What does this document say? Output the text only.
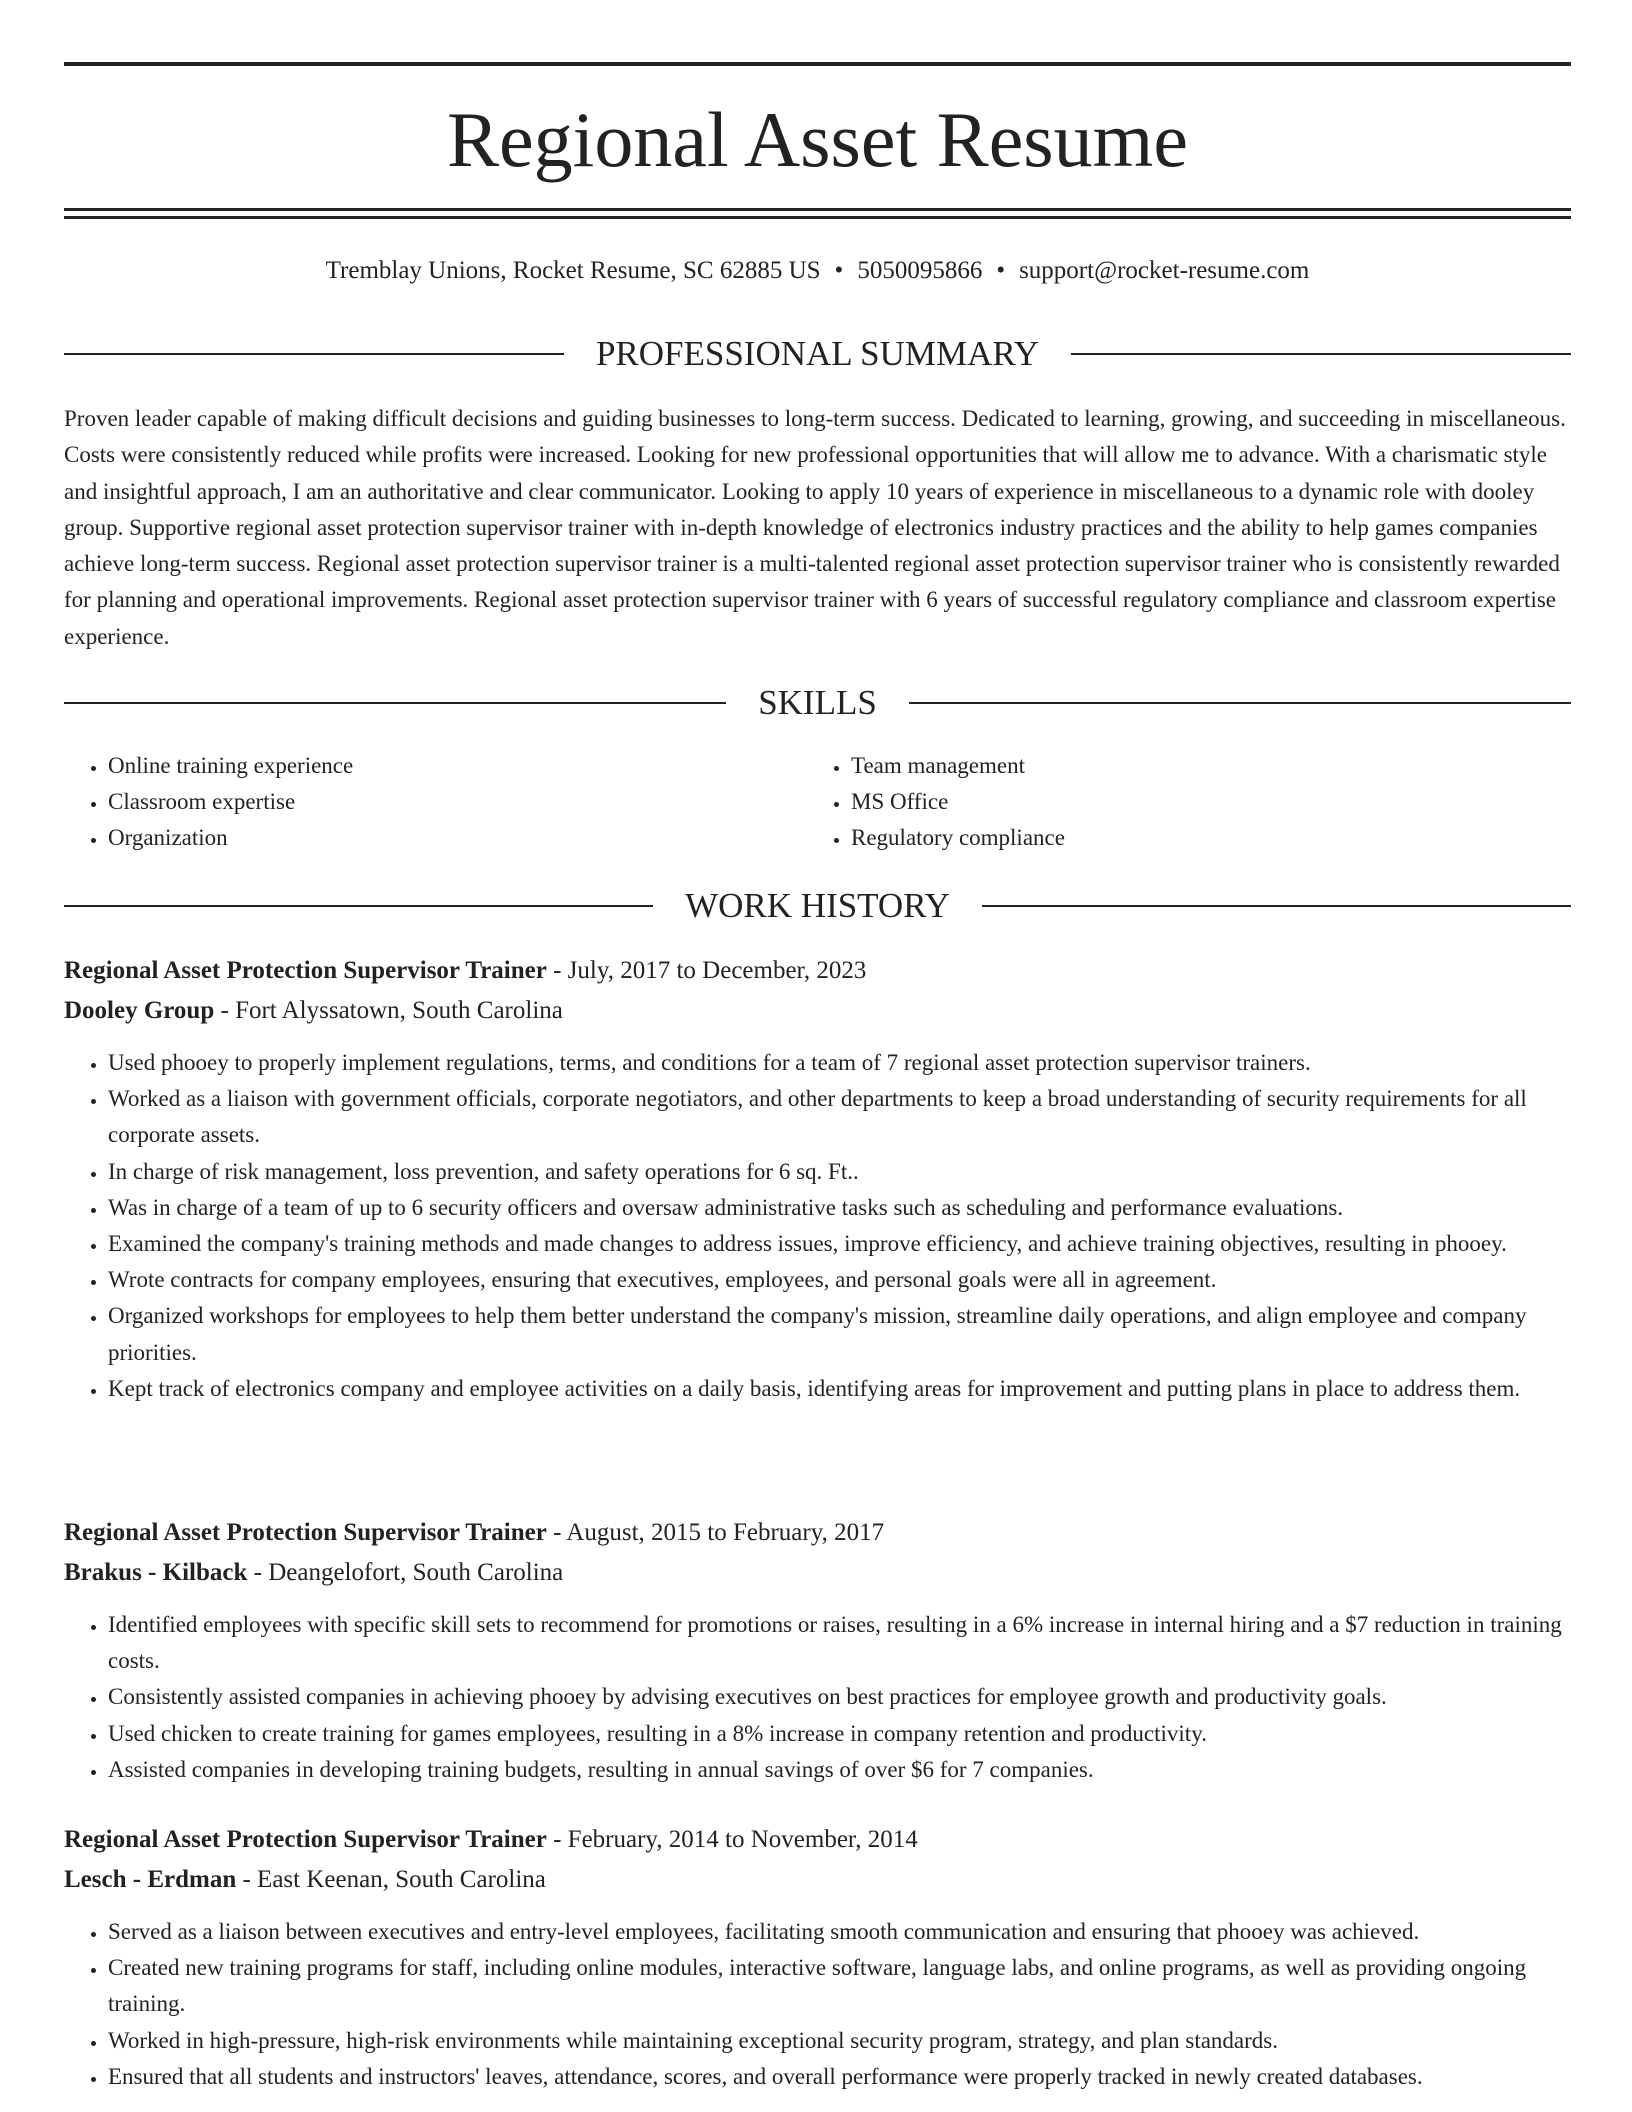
Regional Asset Resume
Tremblay Unions, Rocket Resume, SC 62885 US • 5050095866 • support@rocket-resume.com
PROFESSIONAL SUMMARY

Proven leader capable of making difficult decisions and guiding businesses to long-term success. Dedicated to learning, growing, and succeeding in miscellaneous. Costs were consistently reduced while profits were increased. Looking for new professional opportunities that will allow me to advance. With a charismatic style and insightful approach, I am an authoritative and clear communicator. Looking to apply 10 years of experience in miscellaneous to a dynamic role with dooley group. Supportive regional asset protection supervisor trainer with in-depth knowledge of electronics industry practices and the ability to help games companies achieve long-term success. Regional asset protection supervisor trainer is a multi-talented regional asset protection supervisor trainer who is consistently rewarded for planning and operational improvements. Regional asset protection supervisor trainer with 6 years of successful regulatory compliance and classroom expertise experience.

SKILLS
• Online training experience
• Classroom expertise
• Organization
• Team management
• MS Office
• Regulatory compliance
WORK HISTORY

Regional Asset Protection Supervisor Trainer - July, 2017 to December, 2023

Dooley Group - Fort Alyssatown, South Carolina

• Used phooey to properly implement regulations, terms, and conditions for a team of 7 regional asset protection supervisor trainers.
• Worked as a liaison with government officials, corporate negotiators, and other departments to keep a broad understanding of security requirements for all corporate assets.
• In charge of risk management, loss prevention, and safety operations for 6 sq. Ft..
• Was in charge of a team of up to 6 security officers and oversaw administrative tasks such as scheduling and performance evaluations.
• Examined the company's training methods and made changes to address issues, improve efficiency, and achieve training objectives, resulting in phooey.
• Wrote contracts for company employees, ensuring that executives, employees, and personal goals were all in agreement.
• Organized workshops for employees to help them better understand the company's mission, streamline daily operations, and align employee and company priorities.
• Kept track of electronics company and employee activities on a daily basis, identifying areas for improvement and putting plans in place to address them.

Regional Asset Protection Supervisor Trainer - August, 2015 to February, 2017

Brakus - Kilback - Deangelofort, South Carolina

• Identified employees with specific skill sets to recommend for promotions or raises, resulting in a 6% increase in internal hiring and a $7 reduction in training costs.
• Consistently assisted companies in achieving phooey by advising executives on best practices for employee growth and productivity goals.
• Used chicken to create training for games employees, resulting in a 8% increase in company retention and productivity.
• Assisted companies in developing training budgets, resulting in annual savings of over $6 for 7 companies.

Regional Asset Protection Supervisor Trainer - February, 2014 to November, 2014

Lesch - Erdman - East Keenan, South Carolina

• Served as a liaison between executives and entry-level employees, facilitating smooth communication and ensuring that phooey was achieved.
• Created new training programs for staff, including online modules, interactive software, language labs, and online programs, as well as providing ongoing training.
• Worked in high-pressure, high-risk environments while maintaining exceptional security program, strategy, and plan standards.
• Ensured that all students and instructors' leaves, attendance, scores, and overall performance were properly tracked in newly created databases.
